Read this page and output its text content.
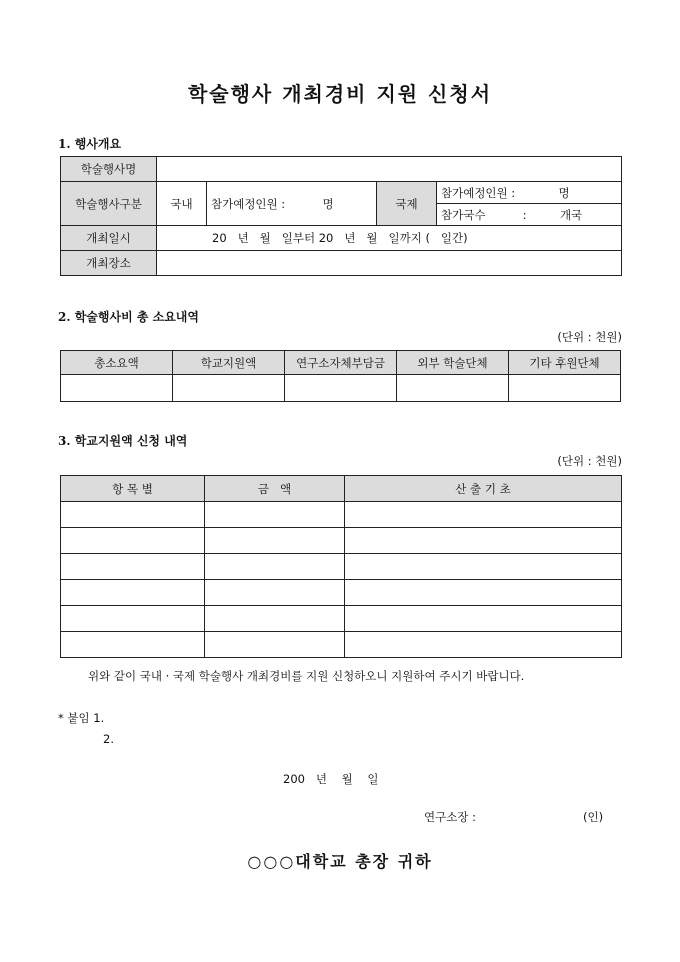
학술행사 개최경비 지원 신청서
1. 행사개요
학술행사명				
학술행사구분	국내	참가예정인원 : 명	국제	참가예정인원 : 명
				참가국수 : 개국
개최일시	20   년   월   일부터 20   년   월   일까지 (   일간)			
개최장소				
2. 학술행사비 총 소요내역
(단위 : 천원)
총소요액	학교지원액	연구소자체부담금	외부 학술단체	기타 후원단체

3. 학교지원액 신청 내역
(단위 : 천원)
항 목 별	금   액	산 출 기 초

위와 같이 국내 · 국제 학술행사 개최경비를 지원 신청하오니 지원하여 주시기 바랍니다.
* 붙임 1.
2.
200   년    월    일
연구소장 :	(인)
○○○대학교 총장 귀하
